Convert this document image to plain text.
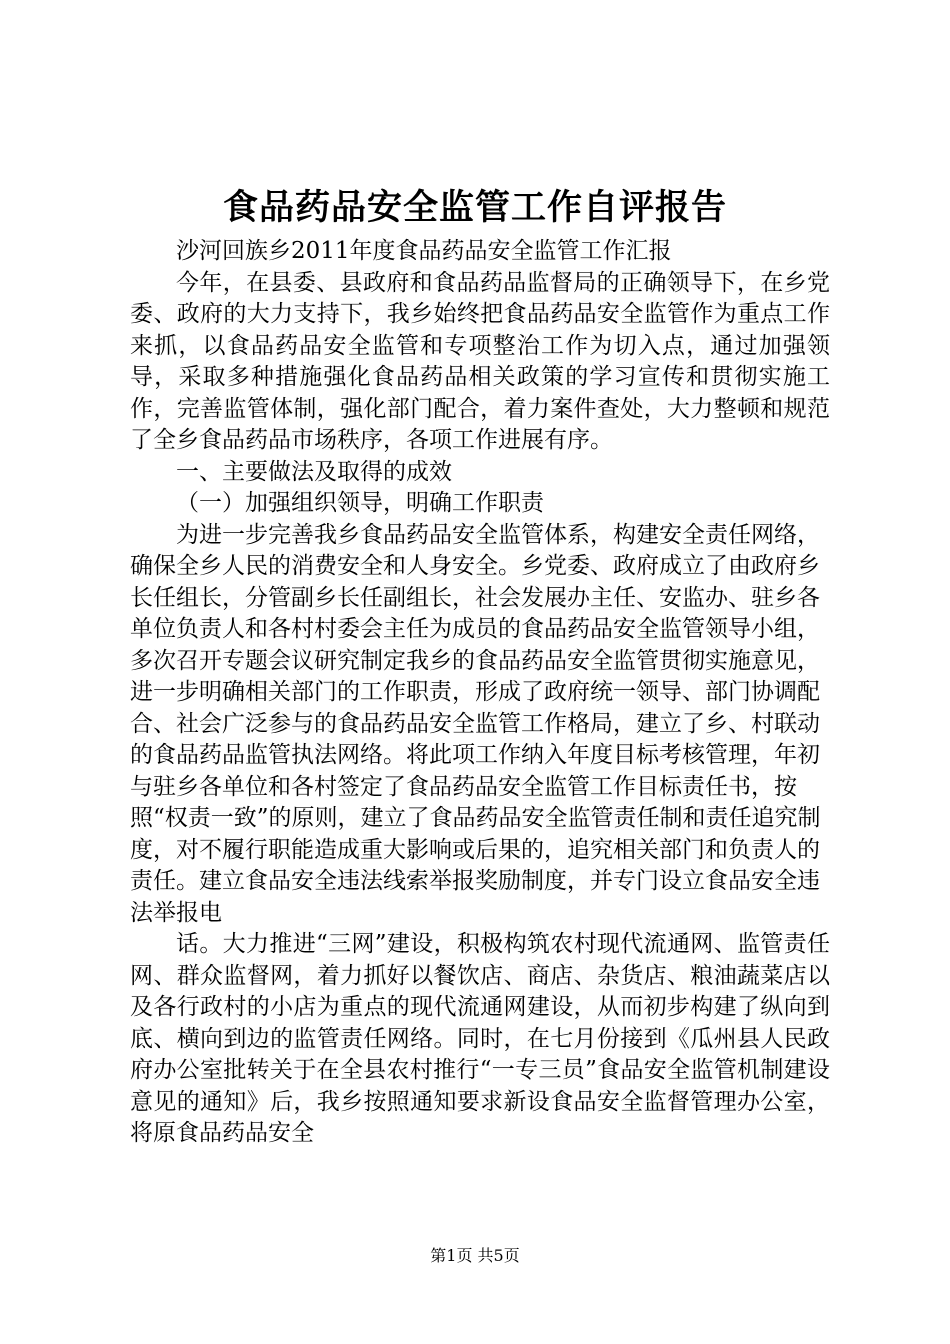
食品药品安全监管工作自评报告

沙河回族乡2011年度食品药品安全监管工作汇报

今年，在县委、县政府和食品药品监督局的正确领导下，在乡党委、政府的大力支持下，我乡始终把食品药品安全监管作为重点工作来抓，以食品药品安全监管和专项整治工作为切入点，通过加强领导，采取多种措施强化食品药品相关政策的学习宣传和贯彻实施工作，完善监管体制，强化部门配合，着力案件查处，大力整顿和规范了全乡食品药品市场秩序，各项工作进展有序。

一、主要做法及取得的成效

（一）加强组织领导，明确工作职责

为进一步完善我乡食品药品安全监管体系，构建安全责任网络，确保全乡人民的消费安全和人身安全。乡党委、政府成立了由政府乡长任组长，分管副乡长任副组长，社会发展办主任、安监办、驻乡各单位负责人和各村村委会主任为成员的食品药品安全监管领导小组，多次召开专题会议研究制定我乡的食品药品安全监管贯彻实施意见，进一步明确相关部门的工作职责，形成了政府统一领导、部门协调配合、社会广泛参与的食品药品安全监管工作格局，建立了乡、村联动的食品药品监管执法网络。将此项工作纳入年度目标考核管理，年初与驻乡各单位和各村签定了食品药品安全监管工作目标责任书，按照“权责一致”的原则，建立了食品药品安全监管责任制和责任追究制度，对不履行职能造成重大影响或后果的，追究相关部门和负责人的责任。建立食品安全违法线索举报奖励制度，并专门设立食品安全违法举报电

话。大力推进“三网”建设，积极构筑农村现代流通网、监管责任网、群众监督网，着力抓好以餐饮店、商店、杂货店、粮油蔬菜店以及各行政村的小店为重点的现代流通网建设，从而初步构建了纵向到底、横向到边的监管责任网络。同时，在七月份接到《瓜州县人民政府办公室批转关于在全县农村推行“一专三员”食品安全监管机制建设意见的通知》后，我乡按照通知要求新设食品安全监督管理办公室，将原食品药品安全

第1页 共5页
